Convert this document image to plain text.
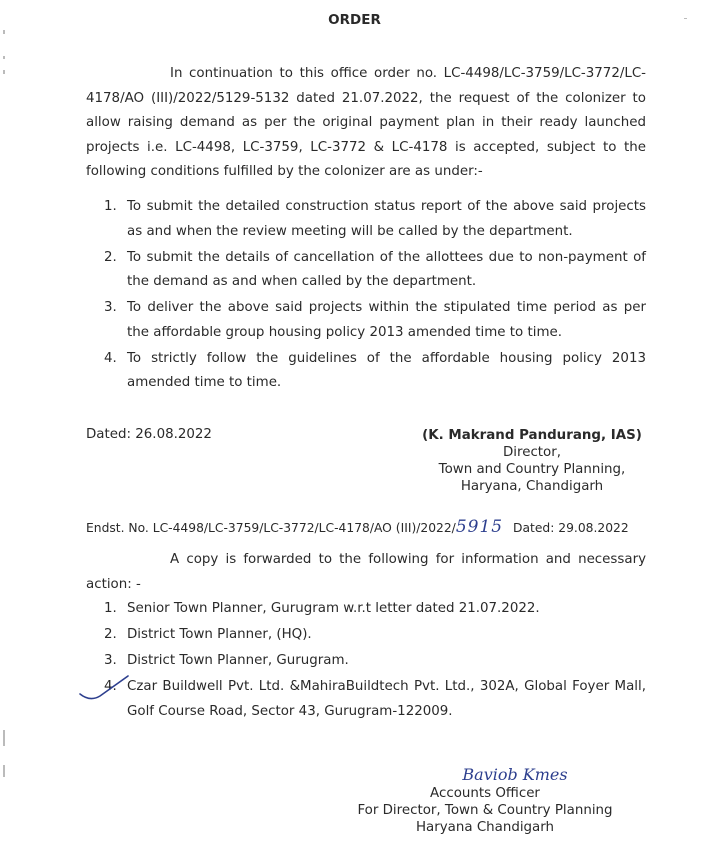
ORDER
In continuation to this office order no. LC-4498/LC-3759/LC-3772/LC-4178/AO (III)/2022/5129-5132 dated 21.07.2022, the request of the colonizer to allow raising demand as per the original payment plan in their ready launched projects i.e. LC-4498, LC-3759, LC-3772 & LC-4178 is accepted, subject to the following conditions fulfilled by the colonizer are as under:-
1. To submit the detailed construction status report of the above said projects as and when the review meeting will be called by the department.
2. To submit the details of cancellation of the allottees due to non-payment of the demand as and when called by the department.
3. To deliver the above said projects within the stipulated time period as per the affordable group housing policy 2013 amended time to time.
4. To strictly follow the guidelines of the affordable housing policy 2013 amended time to time.
Dated: 26.08.2022	(K. Makrand Pandurang, IAS)
Director,
Town and Country Planning,
Haryana, Chandigarh
Endst. No. LC-4498/LC-3759/LC-3772/LC-4178/AO (III)/2022/5915 Dated: 29.08.2022
A copy is forwarded to the following for information and necessary action: -
1. Senior Town Planner, Gurugram w.r.t letter dated 21.07.2022.
2. District Town Planner, (HQ).
3. District Town Planner, Gurugram.
4. Czar Buildwell Pvt. Ltd. &MahiraBuildtech Pvt. Ltd., 302A, Global Foyer Mall, Golf Course Road, Sector 43, Gurugram-122009.
Baviob Kmes
Accounts Officer
For Director, Town & Country Planning
Haryana Chandigarh
